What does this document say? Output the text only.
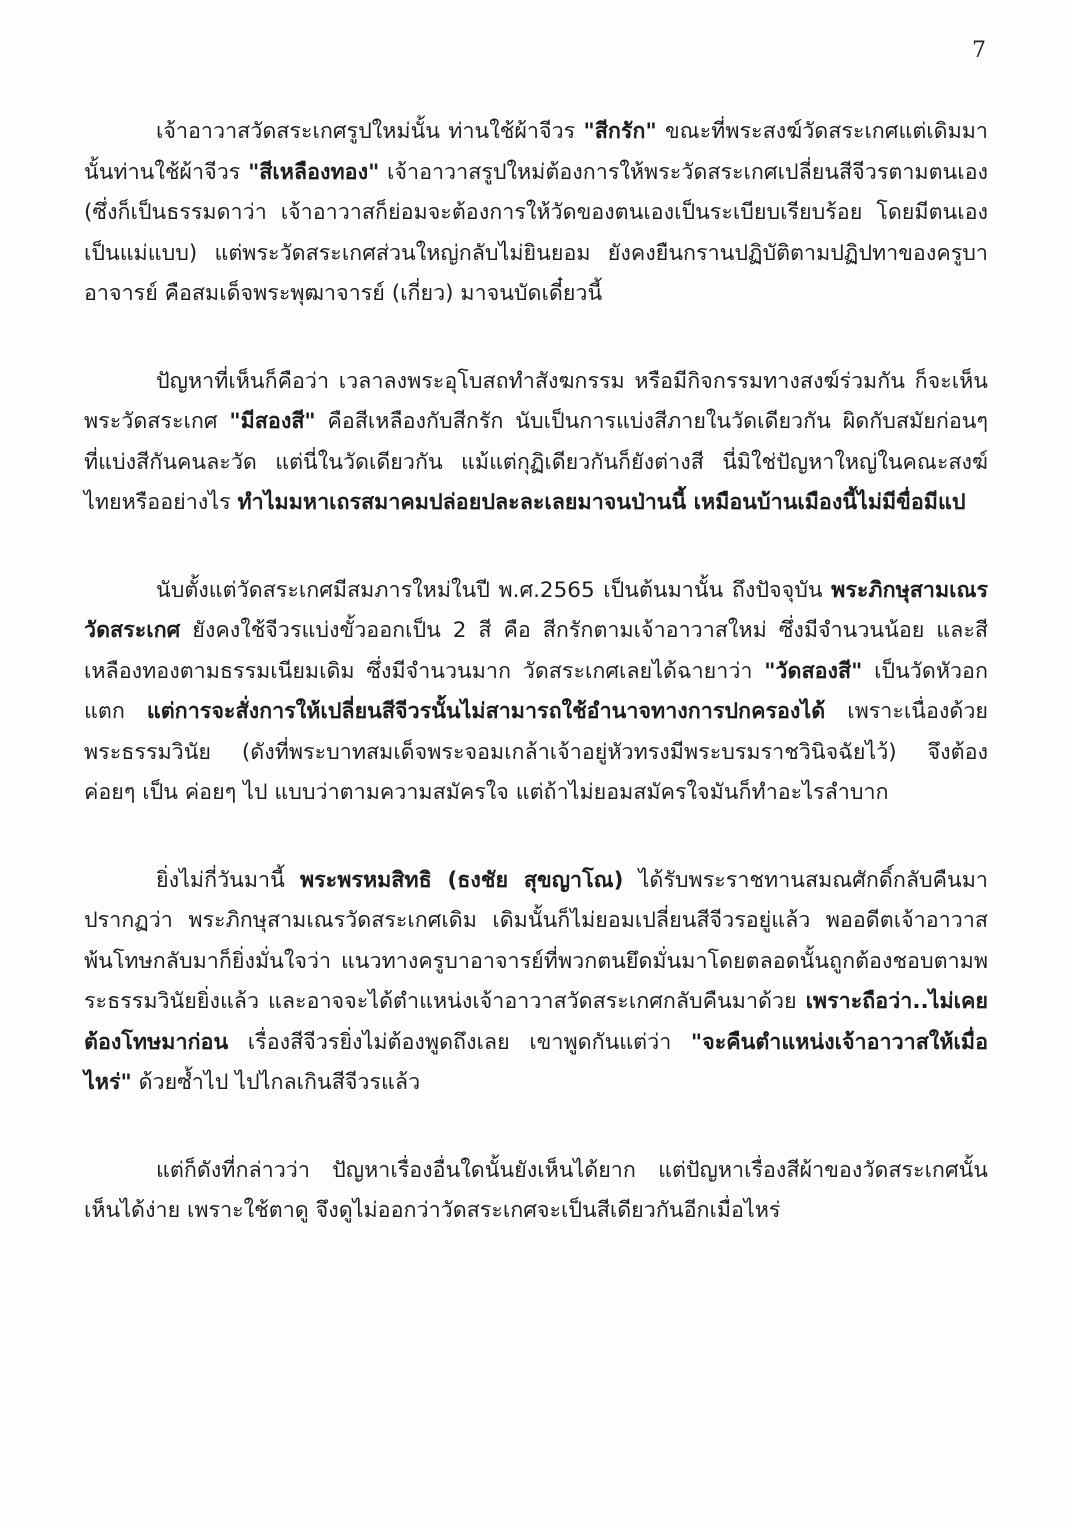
7

เจ้าอาวาสวัดสระเกศรูปใหม่นั้น ท่านใช้ผ้าจีวร "สีกรัก" ขณะที่พระสงฆ์วัดสระเกศแต่เดิมมานั้นท่านใช้ผ้าจีวร "สีเหลืองทอง" เจ้าอาวาสรูปใหม่ต้องการให้พระวัดสระเกศเปลี่ยนสีจีวรตามตนเอง (ซึ่งก็เป็นธรรมดาว่า เจ้าอาวาสก็ย่อมจะต้องการให้วัดของตนเองเป็นระเบียบเรียบร้อย โดยมีตนเองเป็นแม่แบบ) แต่พระวัดสระเกศส่วนใหญ่กลับไม่ยินยอม ยังคงยืนกรานปฏิบัติตามปฏิปทาของครูบาอาจารย์ คือสมเด็จพระพุฒาจารย์ (เกี่ยว) มาจนบัดเดี๋ยวนี้

ปัญหาที่เห็นก็คือว่า เวลาลงพระอุโบสถทำสังฆกรรม หรือมีกิจกรรมทางสงฆ์ร่วมกัน ก็จะเห็นพระวัดสระเกศ "มีสองสี" คือสีเหลืองกับสีกรัก นับเป็นการแบ่งสีภายในวัดเดียวกัน ผิดกับสมัยก่อนๆ ที่แบ่งสีกันคนละวัด แต่นี่ในวัดเดียวกัน แม้แต่กุฏิเดียวกันก็ยังต่างสี นี่มิใช่ปัญหาใหญ่ในคณะสงฆ์ไทยหรืออย่างไร ทำไมมหาเถรสมาคมปล่อยปละละเลยมาจนป่านนี้ เหมือนบ้านเมืองนี้ไม่มีขื่อมีแป

นับตั้งแต่วัดสระเกศมีสมภารใหม่ในปี พ.ศ.2565 เป็นต้นมานั้น ถึงปัจจุบัน พระภิกษุสามเณรวัดสระเกศ ยังคงใช้จีวรแบ่งขั้วออกเป็น 2 สี คือ สีกรักตามเจ้าอาวาสใหม่ ซึ่งมีจำนวนน้อย และสีเหลืองทองตามธรรมเนียมเดิม ซึ่งมีจำนวนมาก วัดสระเกศเลยได้ฉายาว่า "วัดสองสี" เป็นวัดหัวอกแตก แต่การจะสั่งการให้เปลี่ยนสีจีวรนั้นไม่สามารถใช้อำนาจทางการปกครองได้ เพราะเนื่องด้วยพระธรรมวินัย (ดังที่พระบาทสมเด็จพระจอมเกล้าเจ้าอยู่หัวทรงมีพระบรมราชวินิจฉัยไว้) จึงต้องค่อยๆ เป็น ค่อยๆ ไป แบบว่าตามความสมัครใจ แต่ถ้าไม่ยอมสมัครใจมันก็ทำอะไรลำบาก

ยิ่งไม่กี่วันมานี้ พระพรหมสิทธิ (ธงชัย สุขญาโณ) ได้รับพระราชทานสมณศักดิ์กลับคืนมา ปรากฏว่า พระภิกษุสามเณรวัดสระเกศเดิม เดิมนั้นก็ไม่ยอมเปลี่ยนสีจีวรอยู่แล้ว พออดีตเจ้าอาวาสพ้นโทษกลับมาก็ยิ่งมั่นใจว่า แนวทางครูบาอาจารย์ที่พวกตนยึดมั่นมาโดยตลอดนั้นถูกต้องชอบตามพระธรรมวินัยยิ่งแล้ว และอาจจะได้ตำแหน่งเจ้าอาวาสวัดสระเกศกลับคืนมาด้วย เพราะถือว่า..ไม่เคยต้องโทษมาก่อน เรื่องสีจีวรยิ่งไม่ต้องพูดถึงเลย เขาพูดกันแต่ว่า "จะคืนตำแหน่งเจ้าอาวาสให้เมื่อไหร่" ด้วยซ้ำไป ไปไกลเกินสีจีวรแล้ว

แต่ก็ดังที่กล่าวว่า ปัญหาเรื่องอื่นใดนั้นยังเห็นได้ยาก แต่ปัญหาเรื่องสีผ้าของวัดสระเกศนั้นเห็นได้ง่าย เพราะใช้ตาดู จึงดูไม่ออกว่าวัดสระเกศจะเป็นสีเดียวกันอีกเมื่อไหร่
